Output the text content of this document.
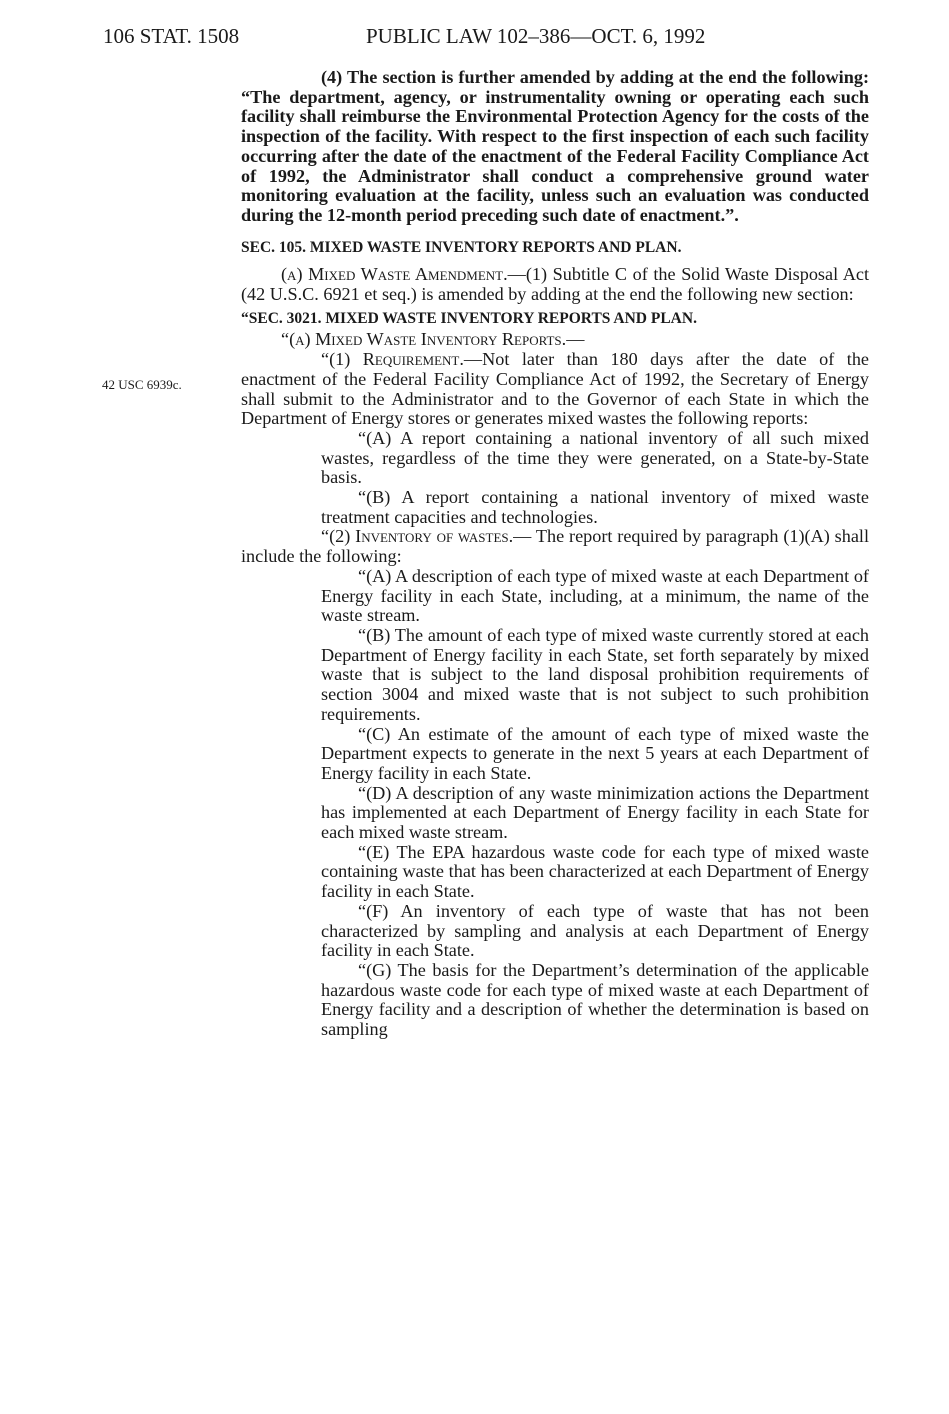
106 STAT. 1508	PUBLIC LAW 102–386—OCT. 6, 1992
42 USC 6939c.

(4) The section is further amended by adding at the end the following: “The department, agency, or instrumentality owning or operating each such facility shall reimburse the Environmental Protection Agency for the costs of the inspection of the facility. With respect to the first inspection of each such facility occurring after the date of the enactment of the Federal Facility Compliance Act of 1992, the Administrator shall conduct a comprehensive ground water monitoring evaluation at the facility, unless such an evaluation was conducted during the 12-month period preceding such date of enactment.”.

SEC. 105. MIXED WASTE INVENTORY REPORTS AND PLAN.

(a) Mixed Waste Amendment.—(1) Subtitle C of the Solid Waste Disposal Act (42 U.S.C. 6921 et seq.) is amended by adding at the end the following new section:

“SEC. 3021. MIXED WASTE INVENTORY REPORTS AND PLAN.

“(a) Mixed Waste Inventory Reports.—

“(1) Requirement.—Not later than 180 days after the date of the enactment of the Federal Facility Compliance Act of 1992, the Secretary of Energy shall submit to the Administrator and to the Governor of each State in which the Department of Energy stores or generates mixed wastes the following reports:

“(A) A report containing a national inventory of all such mixed wastes, regardless of the time they were generated, on a State-by-State basis.

“(B) A report containing a national inventory of mixed waste treatment capacities and technologies.

“(2) Inventory of wastes.— The report required by paragraph (1)(A) shall include the following:

“(A) A description of each type of mixed waste at each Department of Energy facility in each State, including, at a minimum, the name of the waste stream.

“(B) The amount of each type of mixed waste currently stored at each Department of Energy facility in each State, set forth separately by mixed waste that is subject to the land disposal prohibition requirements of section 3004 and mixed waste that is not subject to such prohibition requirements.

“(C) An estimate of the amount of each type of mixed waste the Department expects to generate in the next 5 years at each Department of Energy facility in each State.

“(D) A description of any waste minimization actions the Department has implemented at each Department of Energy facility in each State for each mixed waste stream.

“(E) The EPA hazardous waste code for each type of mixed waste containing waste that has been characterized at each Department of Energy facility in each State.

“(F) An inventory of each type of waste that has not been characterized by sampling and analysis at each Department of Energy facility in each State.

“(G) The basis for the Department’s determination of the applicable hazardous waste code for each type of mixed waste at each Department of Energy facility and a description of whether the determination is based on sampling
